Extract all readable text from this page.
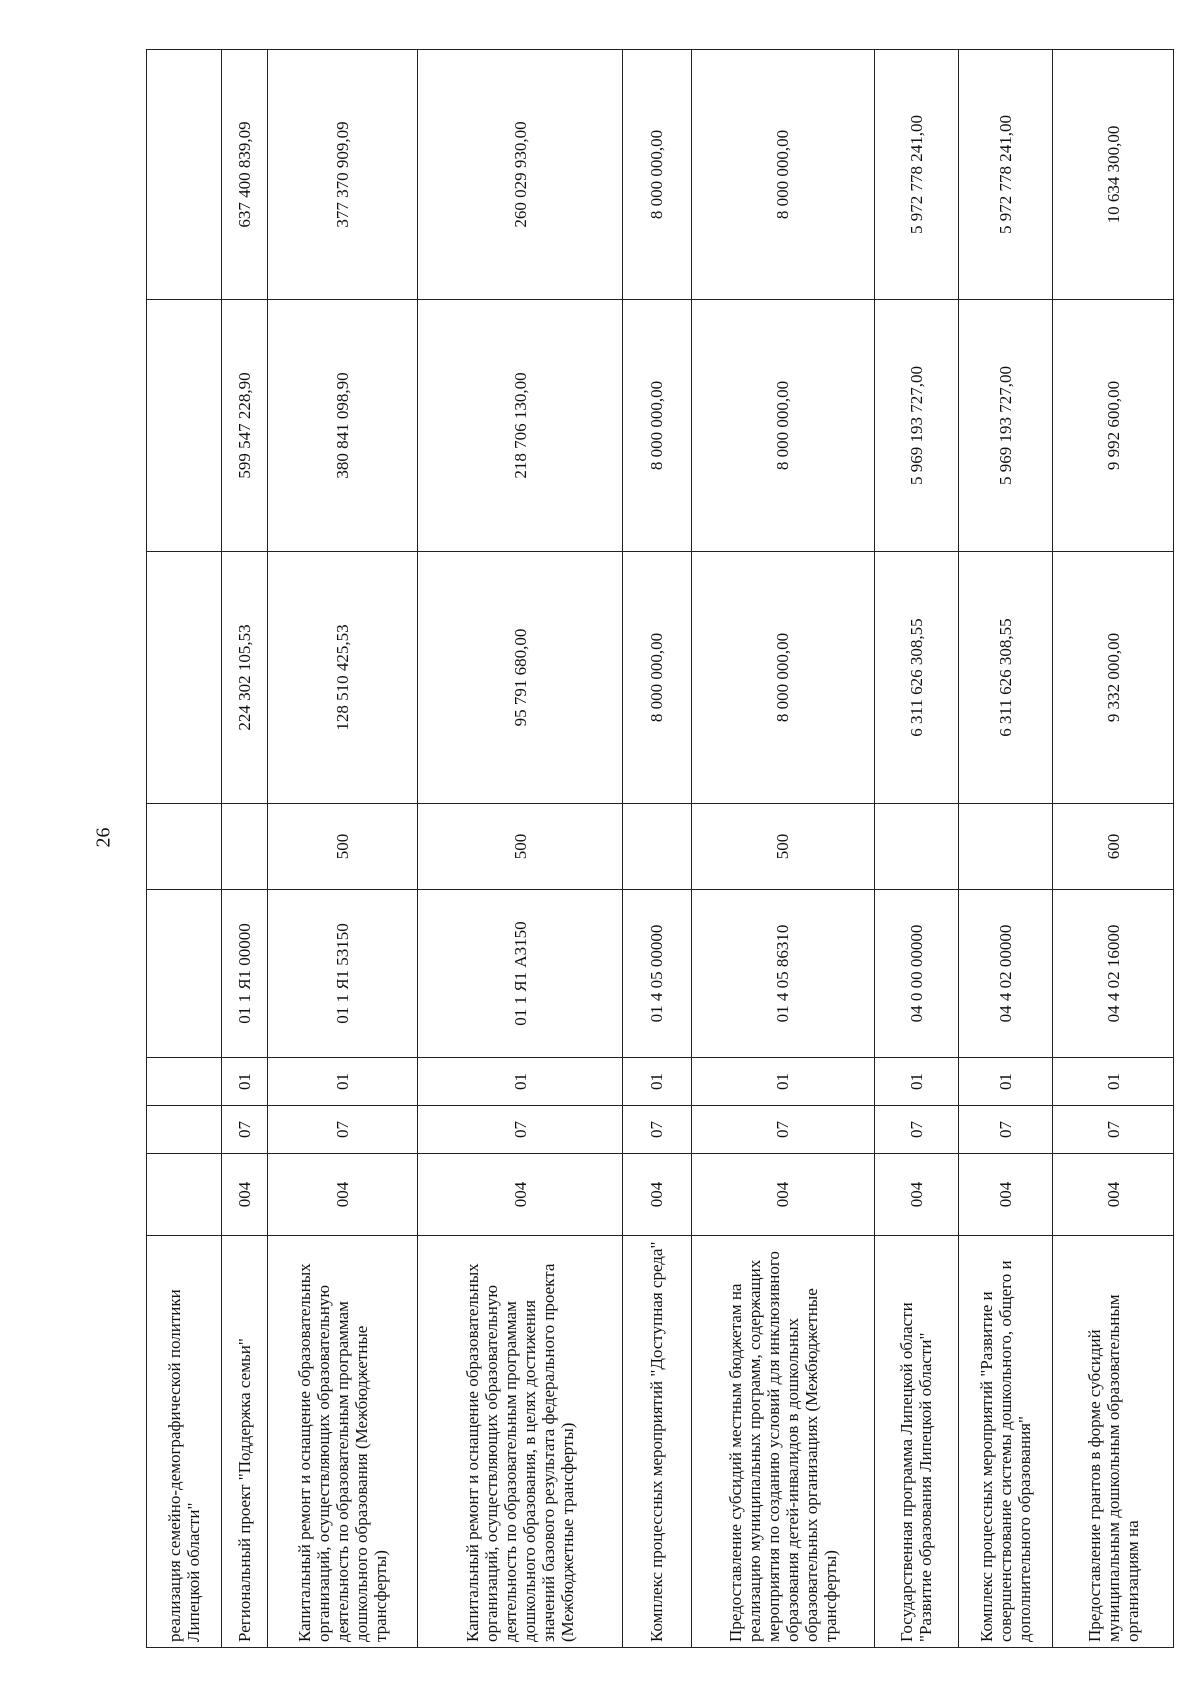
26
реализация семейно-демографической политики Липецкой области"								
Региональный проект "Поддержка семьи"	004	07	01	01 1 Я1 00000		224 302 105,53	599 547 228,90	637 400 839,09
Капитальный ремонт и оснащение образовательных организаций, осуществляющих образовательную деятельность по образовательным программам дошкольного образования (Межбюджетные трансферты)	004	07	01	01 1 Я1 53150	500	128 510 425,53	380 841 098,90	377 370 909,09
Капитальный ремонт и оснащение образовательных организаций, осуществляющих образовательную деятельность по образовательным программам дошкольного образования, в целях достижения значений базового результата федерального проекта (Межбюджетные трансферты)	004	07	01	01 1 Я1 А3150	500	95 791 680,00	218 706 130,00	260 029 930,00
Комплекс процессных мероприятий "Доступная среда"	004	07	01	01 4 05 00000		8 000 000,00	8 000 000,00	8 000 000,00
Предоставление субсидий местным бюджетам на реализацию муниципальных программ, содержащих мероприятия по созданию условий для инклюзивного образования детей-инвалидов в дошкольных образовательных организациях (Межбюджетные трансферты)	004	07	01	01 4 05 86310	500	8 000 000,00	8 000 000,00	8 000 000,00
Государственная программа Липецкой области "Развитие образования Липецкой области"	004	07	01	04 0 00 00000		6 311 626 308,55	5 969 193 727,00	5 972 778 241,00
Комплекс процессных мероприятий "Развитие и совершенствование системы дошкольного, общего и дополнительного образования"	004	07	01	04 4 02 00000		6 311 626 308,55	5 969 193 727,00	5 972 778 241,00
Предоставление грантов в форме субсидий муниципальным дошкольным образовательным организациям на	004	07	01	04 4 02 16000	600	9 332 000,00	9 992 600,00	10 634 300,00
